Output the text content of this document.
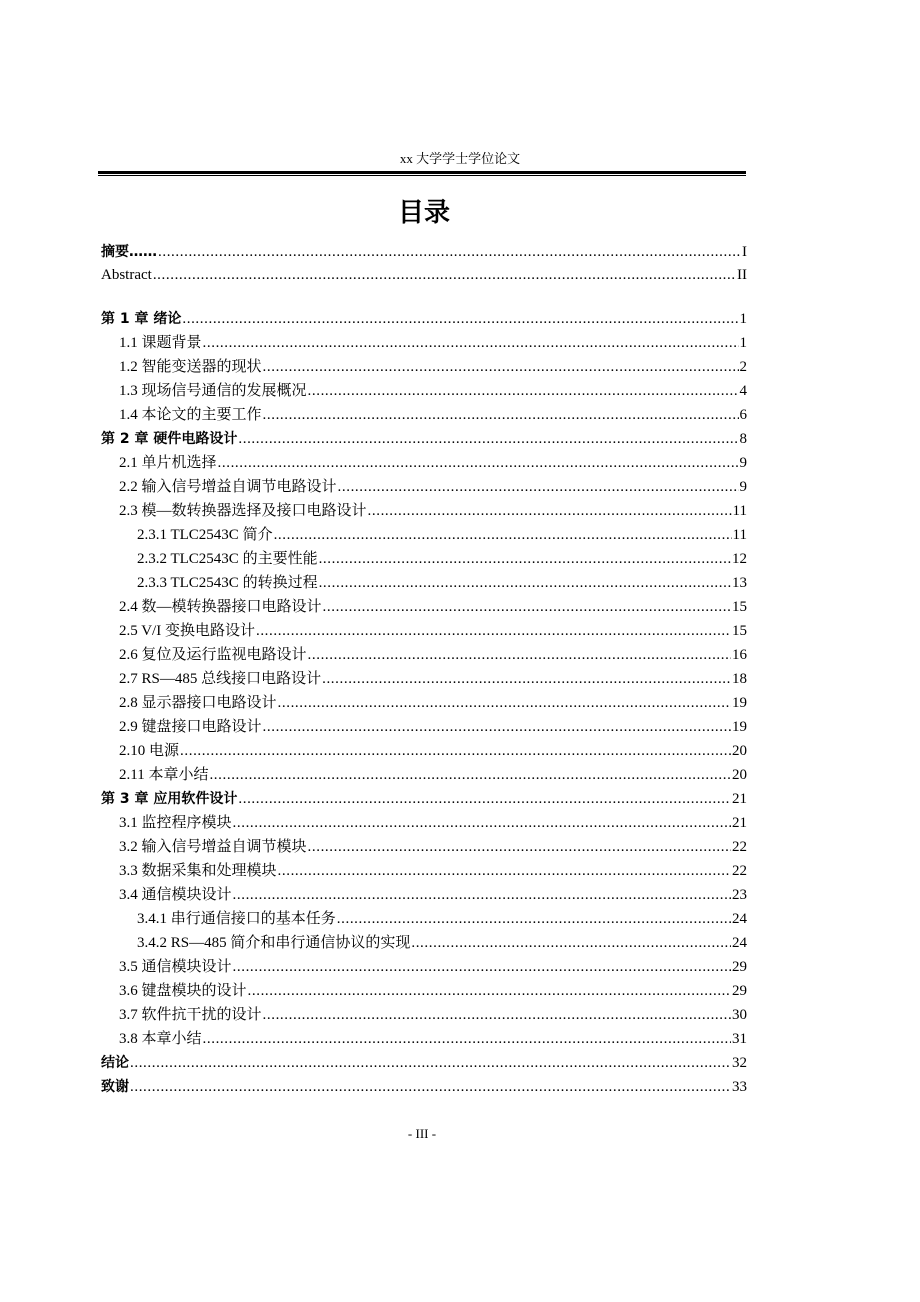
xx 大学学士学位论文
目录
摘要…… .....	I
Abstract .....	II
第 1 章 绪论 .....	1
1.1 课题背景 .....	1
1.2 智能变送器的现状 .....	2
1.3 现场信号通信的发展概况 .....	4
1.4 本论文的主要工作 .....	6
第 2 章 硬件电路设计 .....	8
2.1 单片机选择 .....	9
2.2 输入信号增益自调节电路设计 .....	9
2.3 模—数转换器选择及接口电路设计 .....	11
2.3.1 TLC2543C 简介 .....	11
2.3.2 TLC2543C 的主要性能 .....	12
2.3.3 TLC2543C 的转换过程 .....	13
2.4 数—模转换器接口电路设计 .....	15
2.5 V/I 变换电路设计 .....	15
2.6 复位及运行监视电路设计 .....	16
2.7 RS—485 总线接口电路设计 .....	18
2.8 显示器接口电路设计 .....	19
2.9 键盘接口电路设计 .....	19
2.10 电源 .....	20
2.11 本章小结 .....	20
第 3 章 应用软件设计 .....	21
3.1 监控程序模块 .....	21
3.2 输入信号增益自调节模块 .....	22
3.3 数据采集和处理模块 .....	22
3.4 通信模块设计 .....	23
3.4.1 串行通信接口的基本任务 .....	24
3.4.2 RS—485 简介和串行通信协议的实现 .....	24
3.5 通信模块设计 .....	29
3.6 键盘模块的设计 .....	29
3.7 软件抗干扰的设计 .....	30
3.8 本章小结 .....	31
结论 .....	32
致谢 .....	33
- III -
